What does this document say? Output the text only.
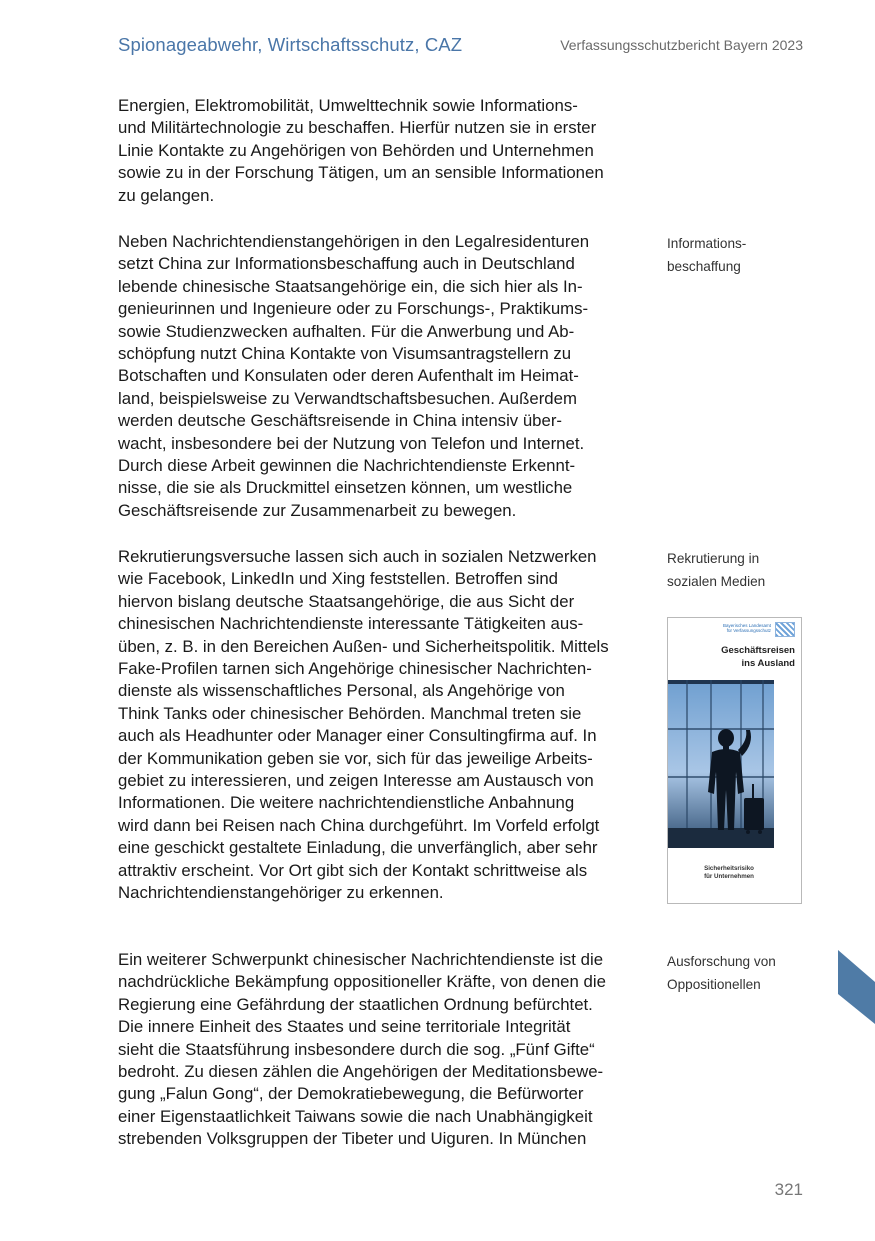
Spionageabwehr, Wirtschaftsschutz, CAZ	Verfassungsschutzbericht Bayern 2023

Energien, Elektromobilität, Umwelttechnik sowie Informations-
und Militärtechnologie zu beschaffen. Hierfür nutzen sie in erster
Linie Kontakte zu Angehörigen von Behörden und Unternehmen
sowie zu in der Forschung Tätigen, um an sensible Informationen
zu gelangen.

Neben Nachrichtendienstangehörigen in den Legalresidenturen
setzt China zur Informationsbeschaffung auch in Deutschland
lebende chinesische Staatsangehörige ein, die sich hier als In-
genieurinnen und Ingenieure oder zu Forschungs-, Praktikums-
sowie Studienzwecken aufhalten. Für die Anwerbung und Ab-
schöpfung nutzt China Kontakte von Visumsantragstellern zu
Botschaften und Konsulaten oder deren Aufenthalt im Heimat-
land, beispielsweise zu Verwandtschaftsbesuchen. Außerdem
werden deutsche Geschäftsreisende in China intensiv über-
wacht, insbesondere bei der Nutzung von Telefon und Internet.
Durch diese Arbeit gewinnen die Nachrichtendienste Erkennt-
nisse, die sie als Druckmittel einsetzen können, um westliche
Geschäftsreisende zur Zusammenarbeit zu bewegen.

Rekrutierungsversuche lassen sich auch in sozialen Netzwerken
wie Facebook, LinkedIn und Xing feststellen. Betroffen sind
hiervon bislang deutsche Staatsangehörige, die aus Sicht der
chinesischen Nachrichtendienste interessante Tätigkeiten aus-
üben, z. B. in den Bereichen Außen- und Sicherheitspolitik. Mittels
Fake-Profilen tarnen sich Angehörige chinesischer Nachrichten-
dienste als wissenschaftliches Personal, als Angehörige von
Think Tanks oder chinesischer Behörden. Manchmal treten sie
auch als Headhunter oder Manager einer Consultingfirma auf. In
der Kommunikation geben sie vor, sich für das jeweilige Arbeits-
gebiet zu interessieren, und zeigen Interesse am Austausch von
Informationen. Die weitere nachrichtendienstliche Anbahnung
wird dann bei Reisen nach China durchgeführt. Im Vorfeld erfolgt
eine geschickt gestaltete Einladung, die unverfänglich, aber sehr
attraktiv erscheint. Vor Ort gibt sich der Kontakt schrittweise als
Nachrichtendienstangehöriger zu erkennen.

Ein weiterer Schwerpunkt chinesischer Nachrichtendienste ist die
nachdrückliche Bekämpfung oppositioneller Kräfte, von denen die
Regierung eine Gefährdung der staatlichen Ordnung befürchtet.
Die innere Einheit des Staates und seine territoriale Integrität
sieht die Staatsführung insbesondere durch die sog. „Fünf Gifte“
bedroht. Zu diesen zählen die Angehörigen der Meditationsbewe-
gung „Falun Gong“, der Demokratiebewegung, die Befürworter
einer Eigenstaatlichkeit Taiwans sowie die nach Unabhängigkeit
strebenden Volksgruppen der Tibeter und Uiguren. In München

Informations-
beschaffung
Rekrutierung in
sozialen Medien
Ausforschung von
Oppositionellen
Bayerisches Landesamt
für Verfassungsschutz
Geschäftsreisen
ins Ausland
Sicherheitsrisiko
für Unternehmen
321
